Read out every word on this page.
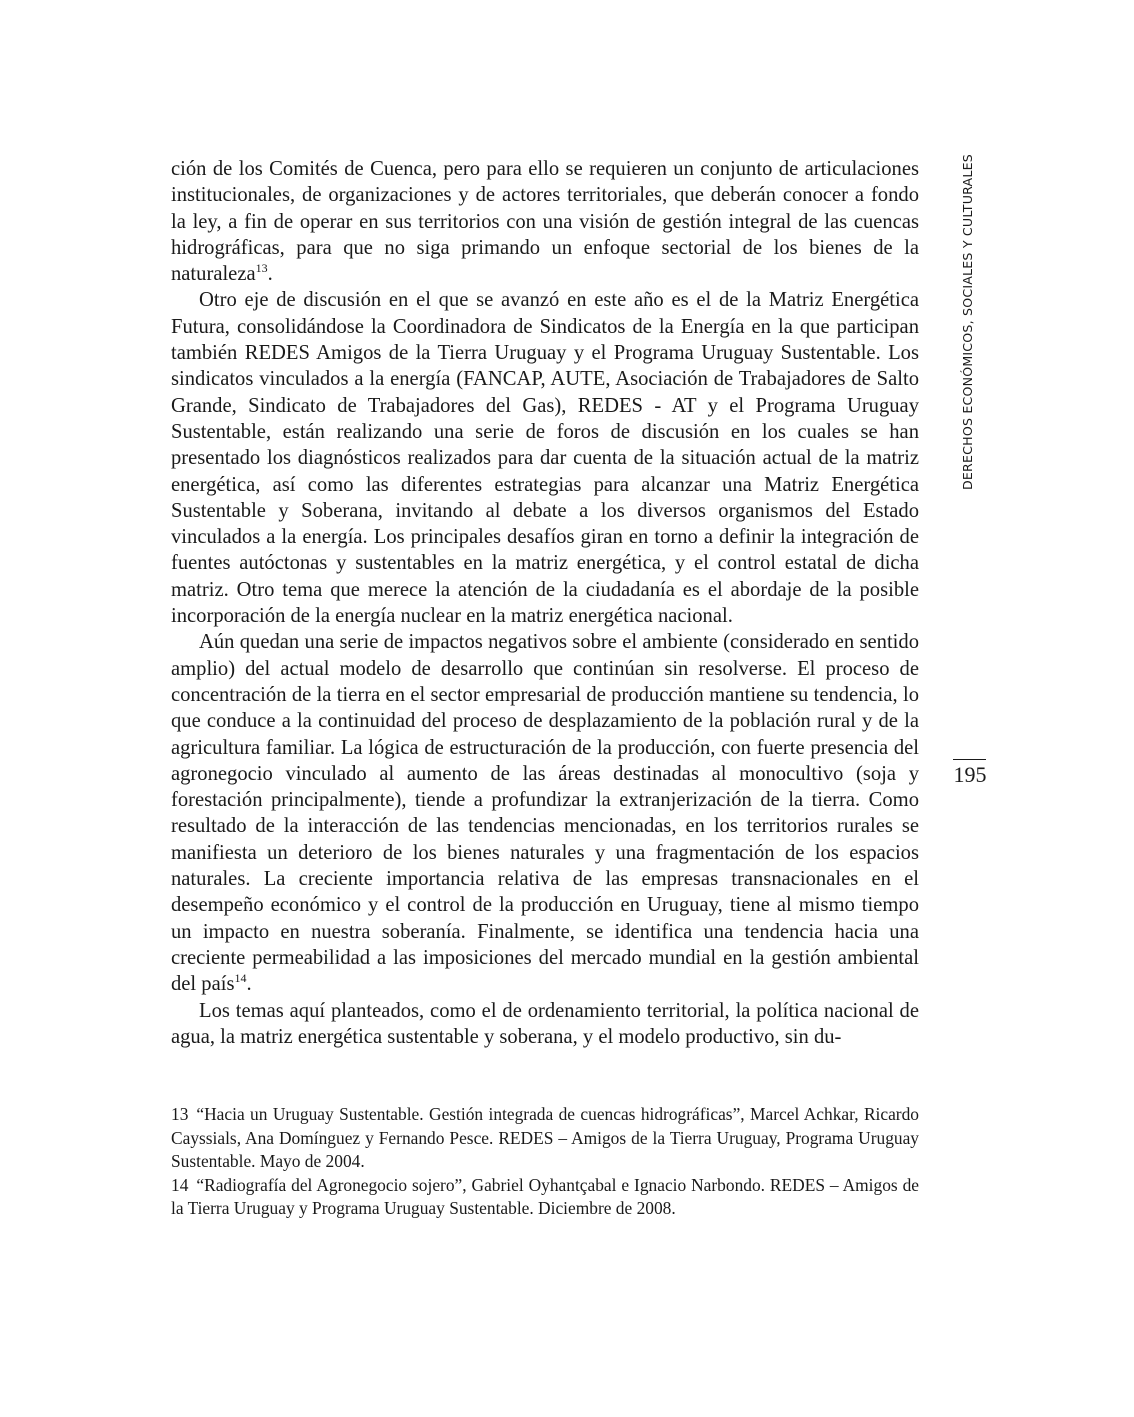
ción de los Comités de Cuenca, pero para ello se requieren un conjunto de articulaciones institucionales, de organizaciones y de actores territoriales, que deberán conocer a fondo la ley, a fin de operar en sus territorios con una visión de gestión integral de las cuencas hidrográficas, para que no siga primando un enfoque sectorial de los bienes de la naturaleza$^{13}$.

Otro eje de discusión en el que se avanzó en este año es el de la Matriz Energética Futura, consolidándose la Coordinadora de Sindicatos de la Energía en la que participan también REDES Amigos de la Tierra Uruguay y el Programa Uruguay Sustentable. Los sindicatos vinculados a la energía (FANCAP, AUTE, Asociación de Trabajadores de Salto Grande, Sindicato de Trabajadores del Gas), REDES - AT y el Programa Uruguay Sustentable, están realizando una serie de foros de discusión en los cuales se han presentado los diagnósticos realizados para dar cuenta de la situación actual de la matriz energética, así como las diferentes estrategias para alcanzar una Matriz Energética Sustentable y Soberana, invitando al debate a los diversos organismos del Estado vinculados a la energía. Los principales desafíos giran en torno a definir la integración de fuentes autóctonas y sustentables en la matriz energética, y el control estatal de dicha matriz. Otro tema que merece la atención de la ciudadanía es el abordaje de la posible incorporación de la energía nuclear en la matriz energética nacional.

Aún quedan una serie de impactos negativos sobre el ambiente (considerado en sentido amplio) del actual modelo de desarrollo que continúan sin resolverse. El proceso de concentración de la tierra en el sector empresarial de producción mantiene su tendencia, lo que conduce a la continuidad del proceso de desplazamiento de la población rural y de la agricultura familiar. La lógica de estructuración de la producción, con fuerte presencia del agronegocio vinculado al aumento de las áreas destinadas al monocultivo (soja y forestación principalmente), tiende a profundizar la extranjerización de la tierra. Como resultado de la interacción de las tendencias mencionadas, en los territorios rurales se manifiesta un deterioro de los bienes naturales y una fragmentación de los espacios naturales. La creciente importancia relativa de las empresas transnacionales en el desempeño económico y el control de la producción en Uruguay, tiene al mismo tiempo un impacto en nuestra soberanía. Finalmente, se identifica una tendencia hacia una creciente permeabilidad a las imposiciones del mercado mundial en la gestión ambiental del país$^{14}$.

Los temas aquí planteados, como el de ordenamiento territorial, la política nacional de agua, la matriz energética sustentable y soberana, y el modelo productivo, sin du-

13 “Hacia un Uruguay Sustentable. Gestión integrada de cuencas hidrográficas”, Marcel Achkar, Ricardo Cayssials, Ana Domínguez y Fernando Pesce. REDES – Amigos de la Tierra Uruguay, Programa Uruguay Sustentable. Mayo de 2004.

14 “Radiografía del Agronegocio sojero”, Gabriel Oyhantçabal e Ignacio Narbondo. REDES – Amigos de la Tierra Uruguay y Programa Uruguay Sustentable. Diciembre de 2008.

DERECHOS ECONÓMICOS, SOCIALES Y CULTURALES
195
